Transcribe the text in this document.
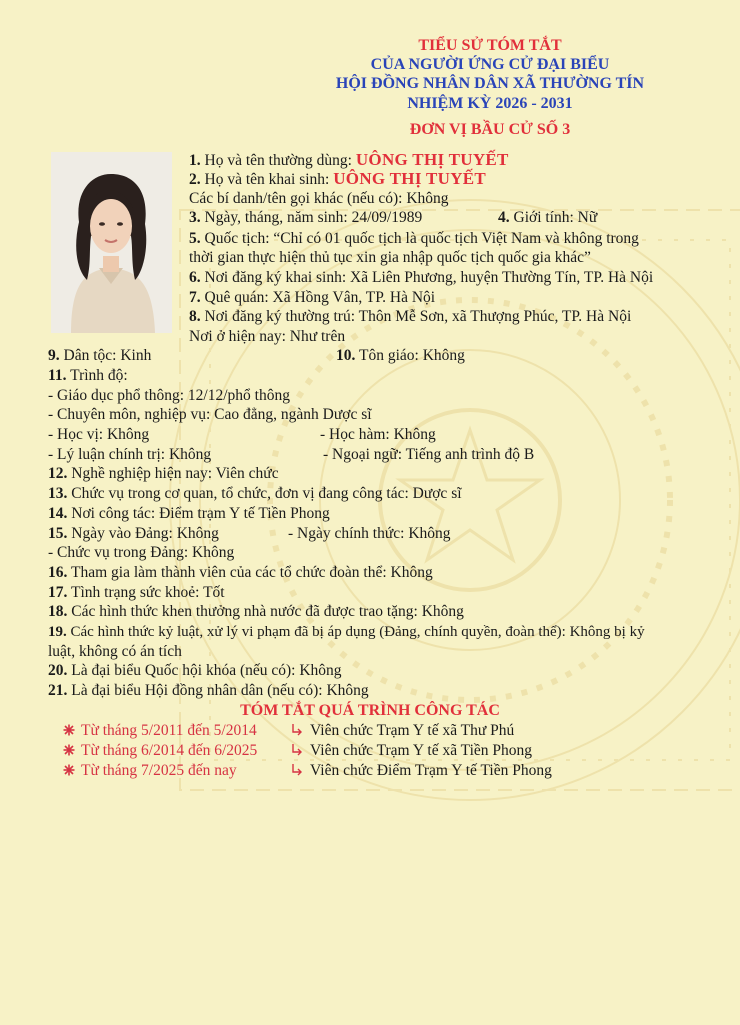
TIỂU SỬ TÓM TẮT
CỦA NGƯỜI ỨNG CỬ ĐẠI BIỂU
HỘI ĐỒNG NHÂN DÂN XÃ THƯỜNG TÍN
NHIỆM KỲ 2026 - 2031
ĐƠN VỊ BẦU CỬ SỐ 3
1. Họ và tên thường dùng: UÔNG THỊ TUYẾT
2. Họ và tên khai sinh: UÔNG THỊ TUYẾT
Các bí danh/tên gọi khác (nếu có): Không
3. Ngày, tháng, năm sinh: 24/09/1989	4. Giới tính: Nữ
5. Quốc tịch: “Chỉ có 01 quốc tịch là quốc tịch Việt Nam và không trong
thời gian thực hiện thủ tục xin gia nhập quốc tịch quốc gia khác”
6. Nơi đăng ký khai sinh: Xã Liên Phương, huyện Thường Tín, TP. Hà Nội
7. Quê quán: Xã Hồng Vân, TP. Hà Nội
8. Nơi đăng ký thường trú: Thôn Mễ Sơn, xã Thượng Phúc, TP. Hà Nội
Nơi ở hiện nay: Như trên
9. Dân tộc: Kinh	10. Tôn giáo: Không
11. Trình độ:
- Giáo dục phổ thông: 12/12/phổ thông
- Chuyên môn, nghiệp vụ: Cao đẳng, ngành Dược sĩ
- Học vị: Không	- Học hàm: Không
- Lý luận chính trị: Không	- Ngoại ngữ: Tiếng anh trình độ B
12. Nghề nghiệp hiện nay: Viên chức
13. Chức vụ trong cơ quan, tổ chức, đơn vị đang công tác: Dược sĩ
14. Nơi công tác: Điểm trạm Y tế Tiền Phong
15. Ngày vào Đảng: Không	- Ngày chính thức: Không
- Chức vụ trong Đảng: Không
16. Tham gia làm thành viên của các tổ chức đoàn thể: Không
17. Tình trạng sức khoẻ: Tốt
18. Các hình thức khen thưởng nhà nước đã được trao tặng: Không
19. Các hình thức kỷ luật, xử lý vi phạm đã bị áp dụng (Đảng, chính quyền, đoàn thể): Không bị kỷ
luật, không có án tích
20. Là đại biểu Quốc hội khóa (nếu có): Không
21. Là đại biểu Hội đồng nhân dân (nếu có): Không
TÓM TẮT QUÁ TRÌNH CÔNG TÁC
Từ tháng 5/2011 đến 5/2014	Viên chức Trạm Y tế xã Thư Phú
Từ tháng 6/2014 đến 6/2025	Viên chức Trạm Y tế xã Tiền Phong
Từ tháng 7/2025 đến nay	Viên chức Điểm Trạm Y tế Tiền Phong
